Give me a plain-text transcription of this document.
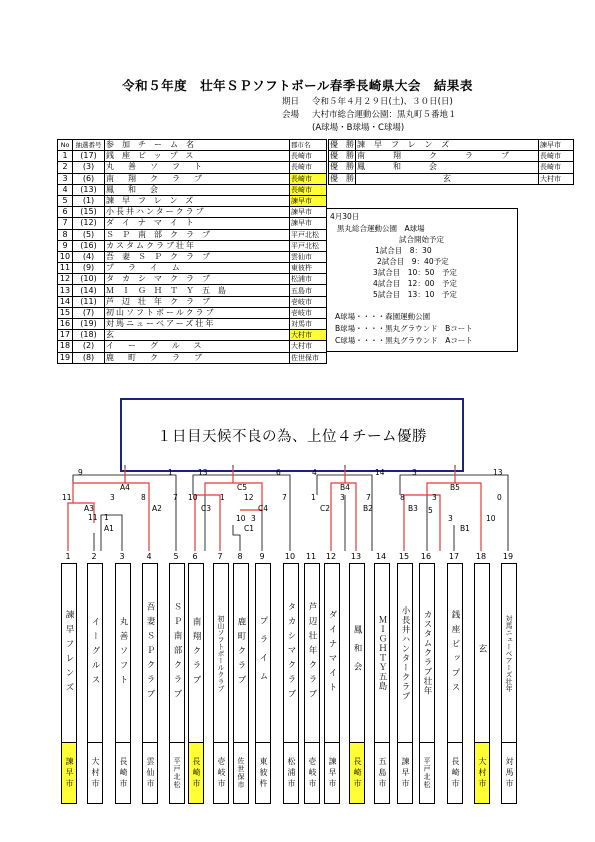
令和５年度　壮年ＳＰソフトボール春季長崎県大会　結果表
期日 令和５年４月２９日(土)、３０日(日)
会場 大村市総合運動公園：黒丸町５番地１
(A球場・B球場・C球場)
No	抽選番号	参　加　チ　ー　ム　名	郡市名
1	(17)	銭座ビップス	長崎市
2	(3)	丸善ソフト	長崎市
3	(6)	南翔クラブ	長崎市
4	(13)	鳳和会	長崎市
5	(1)	諫早フレンズ	諫早市
6	(15)	小長井ハンタークラブ	諫早市
7	(12)	ダイナマイト	諫早市
8	(5)	ＳＰ南部クラブ	平戸北松
9	(16)	カスタムクラブ壮年	平戸北松
10	(4)	吾妻ＳＰクラブ	雲仙市
11	(9)	プライム	東彼杵
12	(10)	タカシマクラブ	松浦市
13	(14)	ＭＩＧＨＴＹ五島	五島市
14	(11)	芦辺壮年クラブ	壱岐市
15	(7)	初山ソフトボールクラブ	壱岐市
16	(19)	対馬ニューベアーズ壮年	対馬市
17	(18)	玄	大村市
18	(2)	イーグルス	大村市
19	(8)	鹿町クラブ	佐世保市
優　勝	諫早フレンズ	諫早市
優　勝	南翔クラブ	長崎市
優　勝	鳳和会	長崎市
優　勝	玄	大村市
4月30日
黒丸総合運動公園　A球場
試合開始予定
1試合目　8：30
2試合目　9：40予定
3試合目　10：50　予定
4試合目　12：00　予定
5試合目　13：10　予定
A球場・・・・森園運動公園
B球場・・・・黒丸グラウンド　Bコート
C球場・・・・黒丸グラウンド　Aコート
１日目天候不良の為、上位４チーム優勝
A4
A3
A1
A2
C5
C3	C4
C1
B4
C2	B2
B5
B3
B1
9	1	13	6	4	14	3	13
11	3	8	7 10	1	12	7	1	3	7	0
11 1	10 3
8	3
10
5
3
1
諫早フレンズ
諫早市
2
イーグルス
大村市
3
丸善ソフト
長崎市
4
吾妻ＳＰクラブ
雲仙市
5
ＳＰ南部クラブ
平戸北松
6
南翔クラブ
長崎市
7
初山ソフトボールクラブ
壱岐市
8
鹿町クラブ
佐世保市
9
プライム
東彼杵
10
タカシマクラブ
松浦市
11
芦辺壮年クラブ
壱岐市
12
ダイナマイト
諫早市
13
鳳和会
長崎市
14
ＭＩＧＨＴＹ五島
五島市
15
小長井ハンタークラブ
諫早市
16
カスタムクラブ壮年
平戸北松
17
銭座ビップス
長崎市
18
玄
大村市
19
対馬ニューベアーズ壮年
対馬市
